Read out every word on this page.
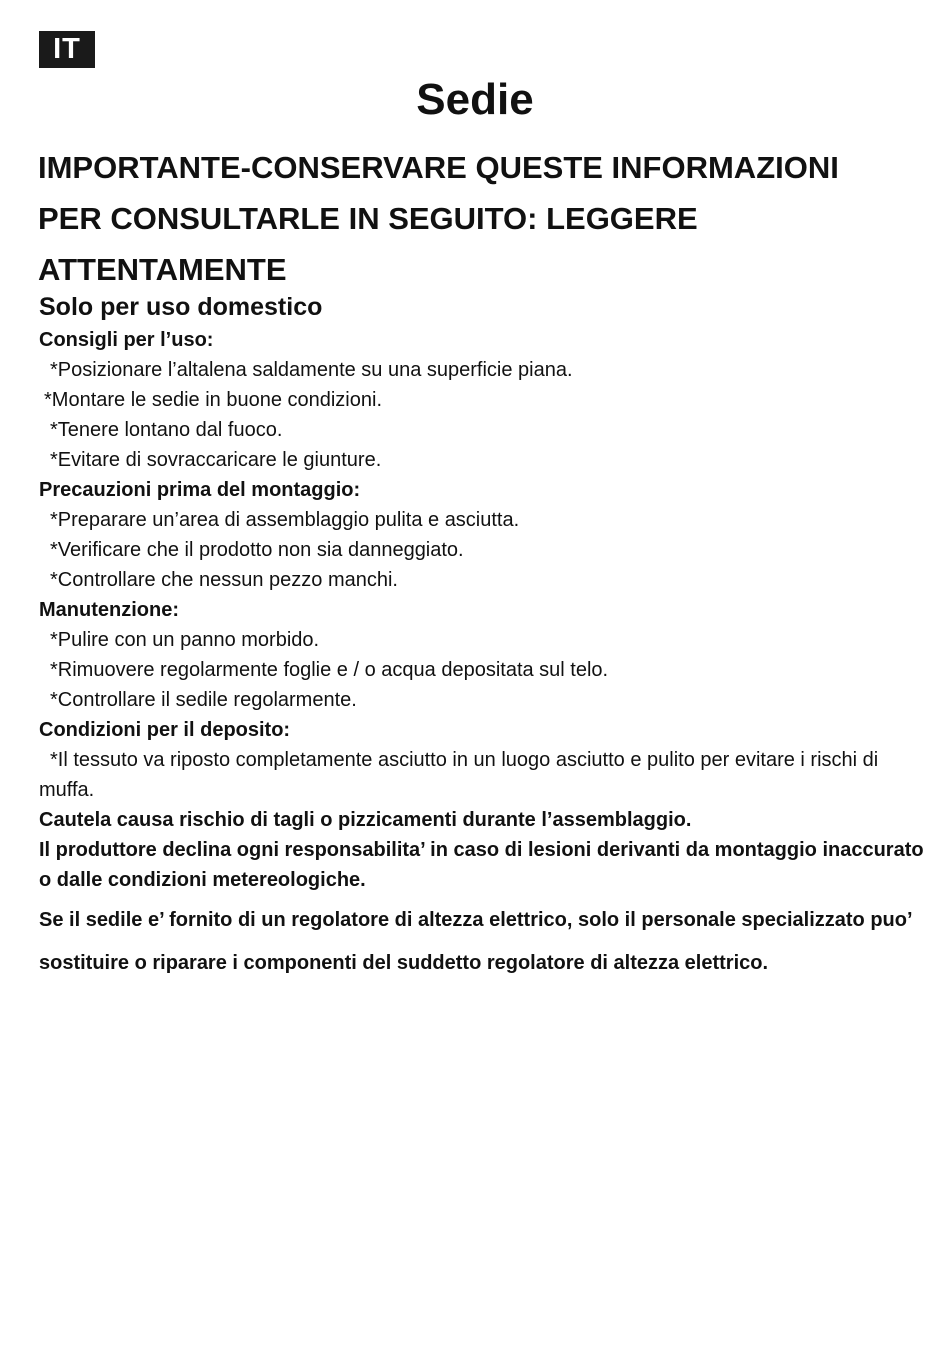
IT
Sedie
IMPORTANTE-CONSERVARE QUESTE INFORMAZIONI
PER CONSULTARLE IN SEGUITO: LEGGERE
ATTENTAMENTE
Solo per uso domestico
Consigli per l’uso:
*Posizionare l’altalena saldamente su una superficie piana.
*Montare le sedie in buone condizioni.
*Tenere lontano dal fuoco.
*Evitare di sovraccaricare le giunture.
Precauzioni prima del montaggio:
*Preparare un’area di assemblaggio pulita e asciutta.
*Verificare che il prodotto non sia danneggiato.
*Controllare che nessun pezzo manchi.
Manutenzione:
*Pulire con un panno morbido.
*Rimuovere regolarmente foglie e / o acqua depositata sul telo.
*Controllare il sedile regolarmente.
Condizioni per il deposito:
*Il tessuto va riposto completamente asciutto in un luogo asciutto e pulito per evitare i rischi di muffa.
Cautela causa rischio di tagli o pizzicamenti durante l’assemblaggio.
Il produttore declina ogni responsabilita’ in caso di lesioni derivanti da montaggio inaccurato o dalle condizioni metereologiche.
Se il sedile e’ fornito di un regolatore di altezza elettrico, solo il personale specializzato puo’ sostituire o riparare i componenti del suddetto regolatore di altezza elettrico.
